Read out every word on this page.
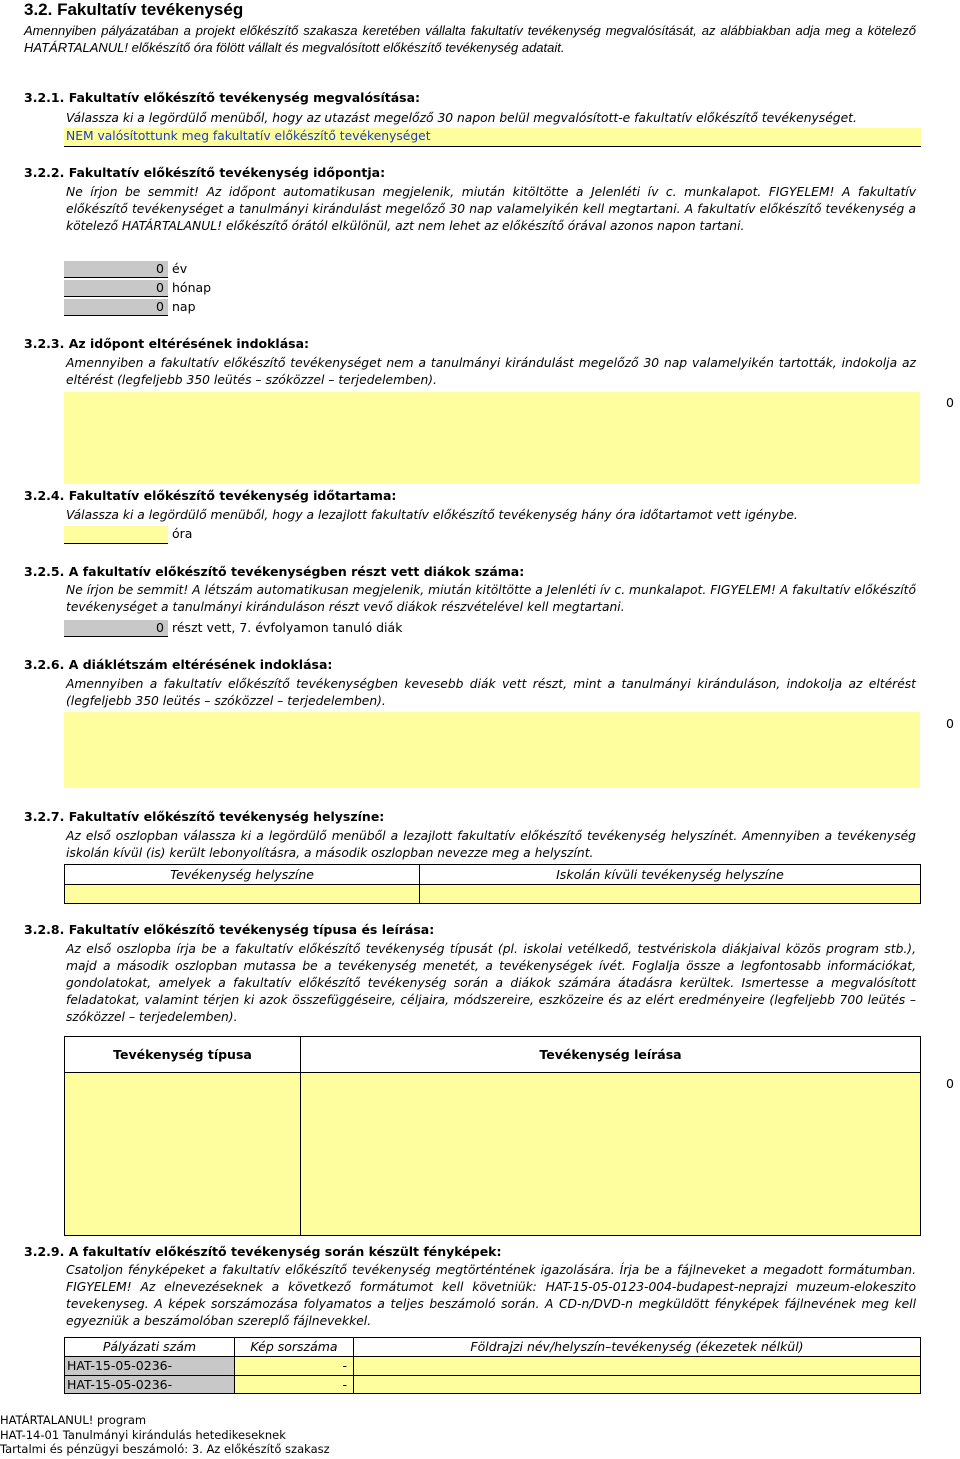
3.2. Fakultatív tevékenység
Amennyiben pályázatában a projekt előkészítő szakasza keretében vállalta fakultatív tevékenység megvalósítását, az alábbiakban adja meg a kötelező HATÁRTALANUL! előkészítő óra fölött vállalt és megvalósított előkészítő tevékenység adatait.
3.2.1. Fakultatív előkészítő tevékenység megvalósítása:
Válassza ki a legördülő menüből, hogy az utazást megelőző 30 napon belül megvalósított-e fakultatív előkészítő tevékenységet.
NEM valósítottunk meg fakultatív előkészítő tevékenységet
3.2.2. Fakultatív előkészítő tevékenység időpontja:
Ne írjon be semmit! Az időpont automatikusan megjelenik, miután kitöltötte a Jelenléti ív c. munkalapot. FIGYELEM! A fakultatív előkészítő tevékenységet a tanulmányi kirándulást megelőző 30 nap valamelyikén kell megtartani. A fakultatív előkészítő tevékenység a kötelező HATÁRTALANUL! előkészítő órától elkülönül, azt nem lehet az előkészítő órával azonos napon tartani.
0 év
0 hónap
0 nap
3.2.3. Az időpont eltérésének indoklása:
Amennyiben a fakultatív előkészítő tevékenységet nem a tanulmányi kirándulást megelőző 30 nap valamelyikén tartották, indokolja az eltérést (legfeljebb 350 leütés – szóközzel – terjedelemben).
0
3.2.4. Fakultatív előkészítő tevékenység időtartama:
Válassza ki a legördülő menüből, hogy a lezajlott fakultatív előkészítő tevékenység hány óra időtartamot vett igénybe.
óra
3.2.5. A fakultatív előkészítő tevékenységben részt vett diákok száma:
Ne írjon be semmit! A létszám automatikusan megjelenik, miután kitöltötte a Jelenléti ív c. munkalapot. FIGYELEM! A fakultatív előkészítő tevékenységet a tanulmányi kiránduláson részt vevő diákok részvételével kell megtartani.
0 részt vett, 7. évfolyamon tanuló diák
3.2.6. A diáklétszám eltérésének indoklása:
Amennyiben a fakultatív előkészítő tevékenységben kevesebb diák vett részt, mint a tanulmányi kiránduláson, indokolja az eltérést (legfeljebb 350 leütés – szóközzel – terjedelemben).
0
3.2.7. Fakultatív előkészítő tevékenység helyszíne:
Az első oszlopban válassza ki a legördülő menüből a lezajlott fakultatív előkészítő tevékenység helyszínét. Amennyiben a tevékenység iskolán kívül (is) került lebonyolításra, a második oszlopban nevezze meg a helyszínt.
Tevékenység helyszíne	Iskolán kívüli tevékenység helyszíne
3.2.8. Fakultatív előkészítő tevékenység típusa és leírása:
Az első oszlopba írja be a fakultatív előkészítő tevékenység típusát (pl. iskolai vetélkedő, testvériskola diákjaival közös program stb.), majd a második oszlopban mutassa be a tevékenység menetét, a tevékenységek ívét. Foglalja össze a legfontosabb információkat, gondolatokat, amelyek a fakultatív előkészítő tevékenység során a diákok számára átadásra kerültek. Ismertesse a megvalósított feladatokat, valamint térjen ki azok összefüggéseire, céljaira, módszereire, eszközeire és az elért eredményeire (legfeljebb 700 leütés – szóközzel – terjedelemben).
Tevékenység típusa	Tevékenység leírása
0
3.2.9. A fakultatív előkészítő tevékenység során készült fényképek:
Csatoljon fényképeket a fakultatív előkészítő tevékenység megtörténtének igazolására. Írja be a fájlneveket a megadott formátumban. FIGYELEM! Az elnevezéseknek a következő formátumot kell követniük: HAT-15-05-0123-004-budapest-neprajzi muzeum-elokeszito tevekenyseg. A képek sorszámozása folyamatos a teljes beszámoló során. A CD-n/DVD-n megküldött fényképek fájlnevének meg kell egyezniük a beszámolóban szereplő fájlnevekkel.
Pályázati szám	Kép sorszáma	Földrajzi név/helyszín–tevékenység (ékezetek nélkül)
HAT-15-05-0236-	-
HAT-15-05-0236-	-
HATÁRTALANUL! program
HAT-14-01 Tanulmányi kirándulás hetedikeseknek
Tartalmi és pénzügyi beszámoló: 3. Az előkészítő szakasz
